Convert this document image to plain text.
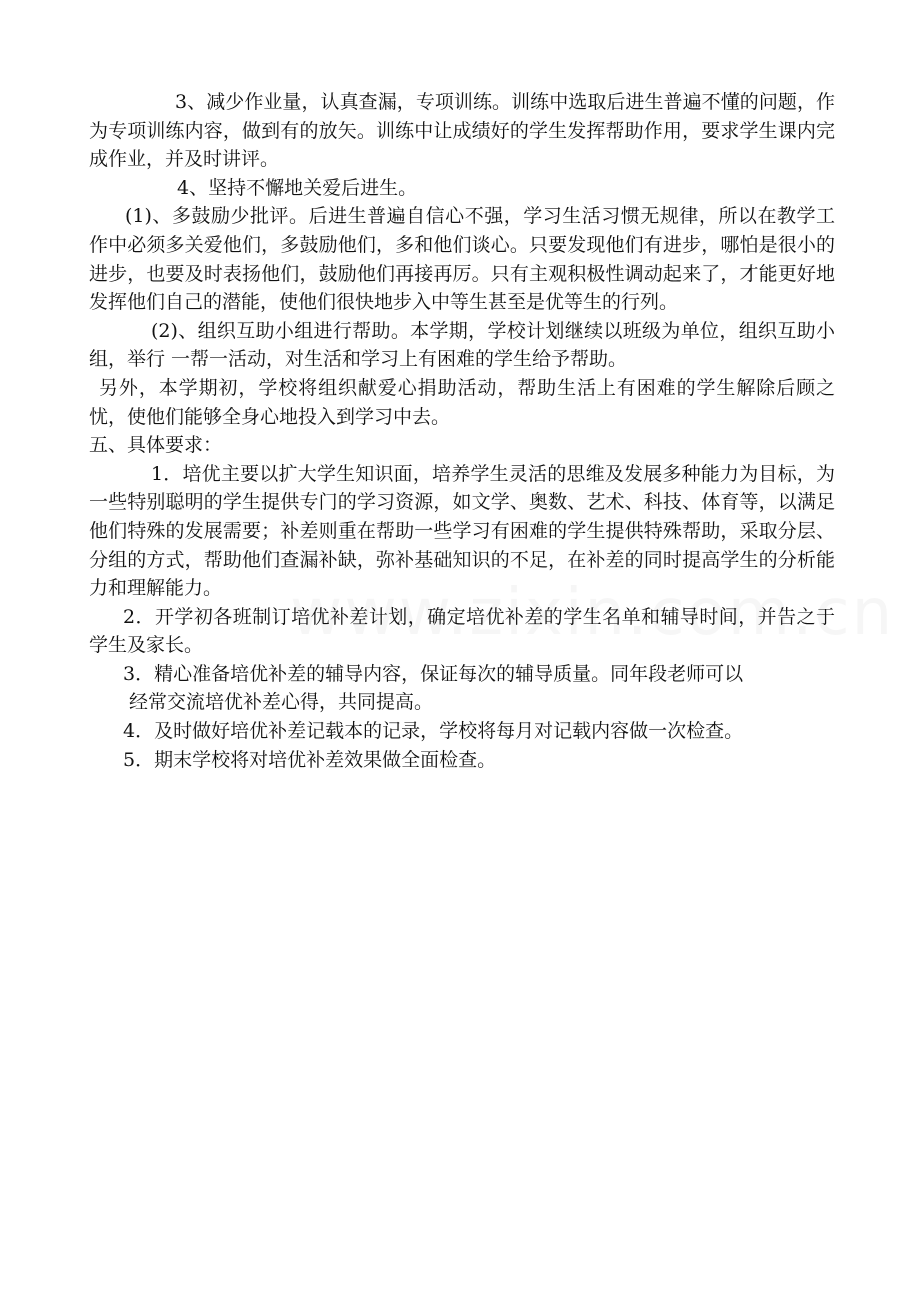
3、减少作业量，认真查漏，专项训练。训练中选取后进生普遍不懂的问题，作为专项训练内容，做到有的放矢。训练中让成绩好的学生发挥帮助作用，要求学生课内完成作业，并及时讲评。

4、坚持不懈地关爱后进生。

(1)、多鼓励少批评。后进生普遍自信心不强，学习生活习惯无规律，所以在教学工作中必须多关爱他们，多鼓励他们，多和他们谈心。只要发现他们有进步，哪怕是很小的进步，也要及时表扬他们，鼓励他们再接再厉。只有主观积极性调动起来了，才能更好地发挥他们自己的潜能，使他们很快地步入中等生甚至是优等生的行列。

(2)、组织互助小组进行帮助。本学期，学校计划继续以班级为单位，组织互助小组，举行 一帮一活动，对生活和学习上有困难的学生给予帮助。

另外，本学期初，学校将组织献爱心捐助活动，帮助生活上有困难的学生解除后顾之忧，使他们能够全身心地投入到学习中去。

五、具体要求：

1．培优主要以扩大学生知识面，培养学生灵活的思维及发展多种能力为目标，为一些特别聪明的学生提供专门的学习资源，如文学、奥数、艺术、科技、体育等，以满足他们特殊的发展需要；补差则重在帮助一些学习有困难的学生提供特殊帮助，采取分层、分组的方式，帮助他们查漏补缺，弥补基础知识的不足，在补差的同时提高学生的分析能力和理解能力。

2．开学初各班制订培优补差计划，确定培优补差的学生名单和辅导时间，并告之于学生及家长。

3．精心准备培优补差的辅导内容，保证每次的辅导质量。同年段老师可以
经常交流培优补差心得，共同提高。

4．及时做好培优补差记载本的记录，学校将每月对记载内容做一次检查。

5．期末学校将对培优补差效果做全面检查。
